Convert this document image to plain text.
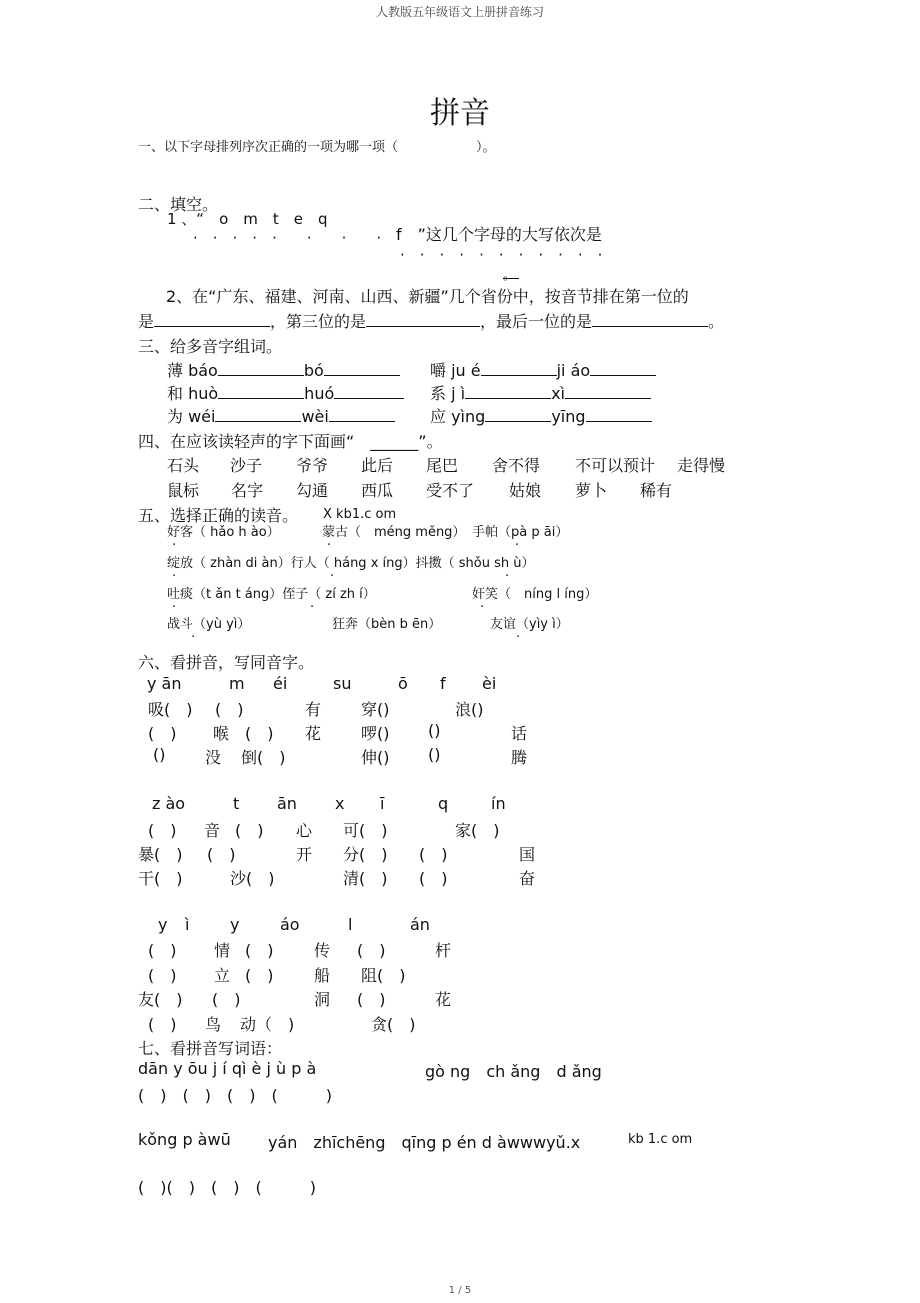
人教版五年级语文上册拼音练习
拼音
一、以下字母排列序次正确的一项为哪一项（　　　　　　）。
二、填空。
1 、“　o　m　t　e　q
·　·　·　·　·　　·　　·　　· f　”这几个字母的大写依次是
·　·　·　·　·　·　·　·　·　·　·
。
2、在“广东、福建、河南、山西、新疆”几个省份中，按音节排在第一位的
是	，第三位的是	，最后一位的是	。
三、给多音字组词。
薄 báo	bó	嚼 ju é	ji áo
和 huò	huó	系 j ì	xì
为 wéi	wèi	应 yìng	yīng
四、在应该读轻声的字下面画“　______”。
石头 沙子 爷爷 此后 尾巴 舍不得 不可以预计 走得慢
鼠标 名字 勾通 西瓜 受不了 姑娘 萝卜 稀有
五、选择正确的读音。 X kb1.c om
好客（ hǎo h ào）	蒙古（　méng měng） 手帕（pà p āi）
·	·	·
绽放（ zhàn di àn）行人（ háng x íng）抖擞（ shǒu sh ù）
·	·	·
吐痰（t ǎn t áng）侄子（ zí zh í）	奸笑（　níng l íng）
·	·	·
战斗（yù yì）	狂奔（bèn b ēn）	友谊（yìy ì）
·	·
六、看拼音，写同音字。
y ān	m éi	su	ō f èi
吸(　) (　)	有 穿()	浪()
(　) 喉 (　) 花 啰() ()	话
() 没 倒(　)	伸() ()	腾
z ào	t ān x ī	q	ín
(　) 音 (　) 心 可(　)	家(　)
暴(　) (　)	开 分(　) (　)	国
干(　)	沙(　)	清(　) (　)	奋
y ì	y	áo	l	án
(　) 情 (　)	传 (　)	杆
(　) 立 (　)	船 阻(　)
友(　) (　)	洞 (　)	花
(　) 鸟 动（　)	贪(　)
七、看拼音写词语：
dān y ōu j í qì è j ù p à	gò ng　ch ǎng　d ǎng
(　)　(　)　(　)　(　　　)
kǒng p àwū yán　zhīchēng　qīng p én d àwwwyǔ.x	kb 1.c om
(　)(　)　(　)　(　　　)
1 / 5
